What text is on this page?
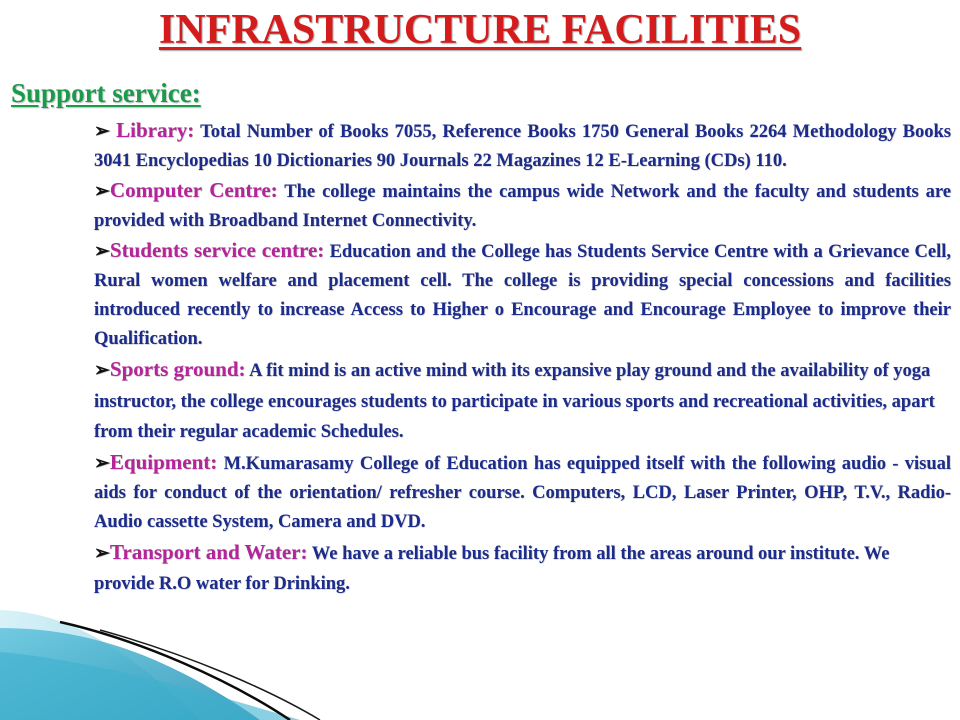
INFRASTRUCTURE FACILITIES
Support service:

➢ Library: Total Number of Books 7055, Reference Books 1750 General Books 2264 Methodology Books 3041 Encyclopedias 10 Dictionaries 90 Journals 22 Magazines 12 E-Learning (CDs) 110.

➢Computer Centre: The college maintains the campus wide Network and the faculty and students are provided with Broadband Internet Connectivity.

➢Students service centre: Education and the College has Students Service Centre with a Grievance Cell, Rural women welfare and placement cell. The college is providing special concessions and facilities introduced recently to increase Access to Higher o Encourage and Encourage Employee to improve their Qualification.

➢Sports ground: A fit mind is an active mind with its expansive play ground and the availability of yoga instructor, the college encourages students to participate in various sports and recreational activities, apart from their regular academic Schedules.

➢Equipment: M.Kumarasamy College of Education has equipped itself with the following audio - visual aids for conduct of the orientation/ refresher course. Computers, LCD, Laser Printer, OHP, T.V., Radio-Audio cassette System, Camera and DVD.

➢Transport and Water: We have a reliable bus facility from all the areas around our institute. We provide R.O water for Drinking.
